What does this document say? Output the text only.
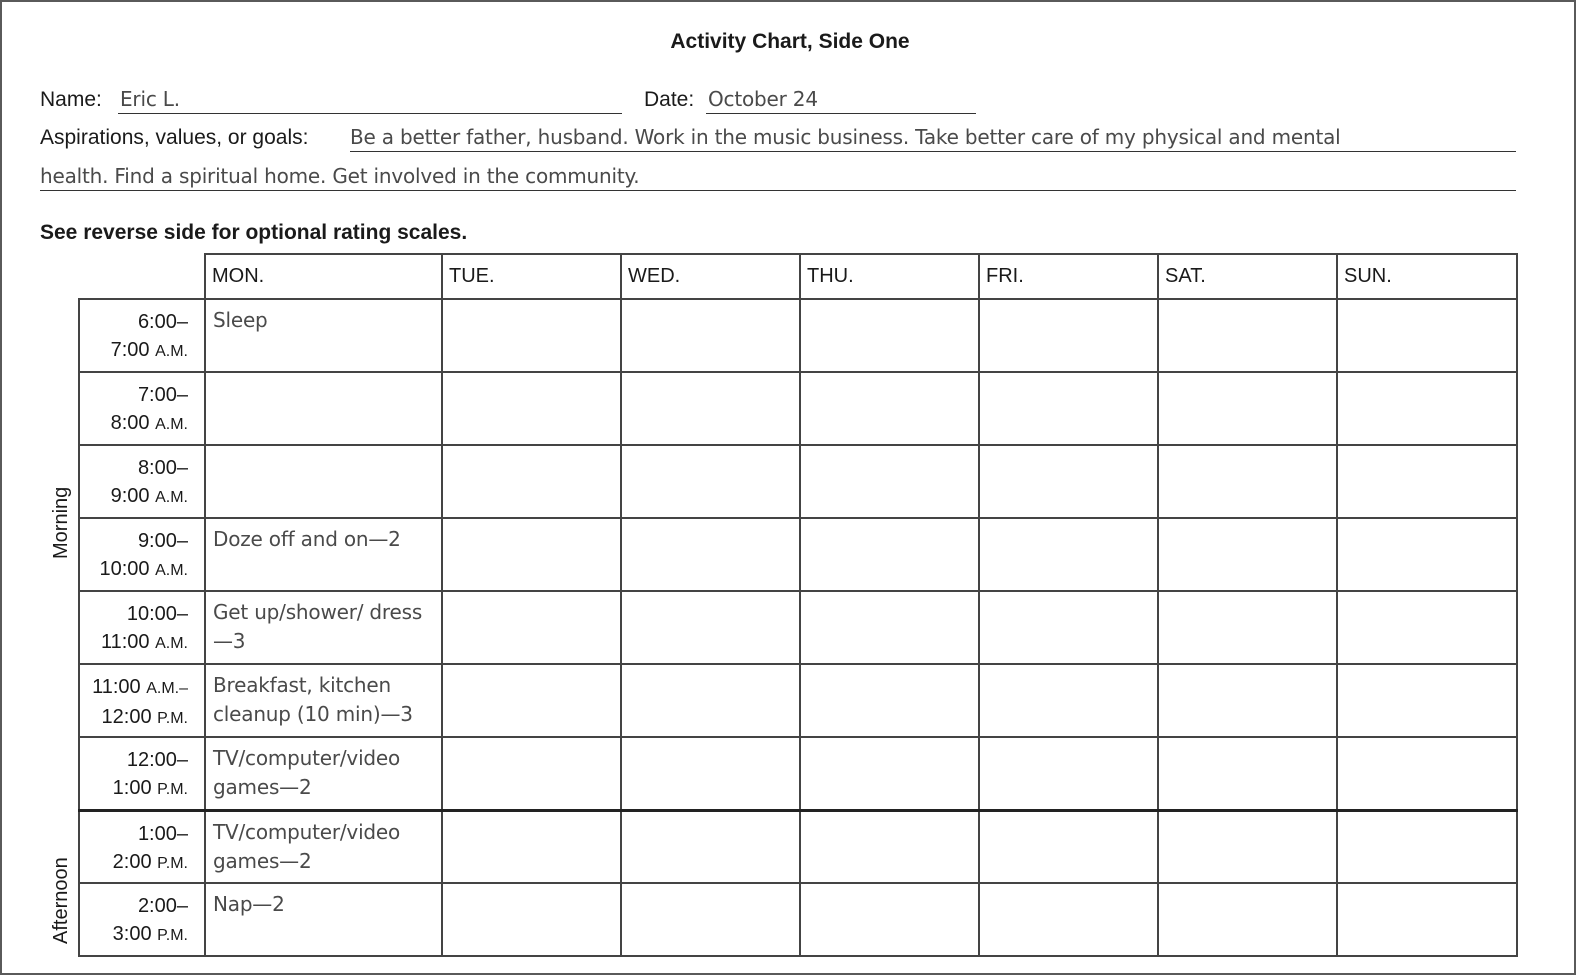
Activity Chart, Side One
Name: Eric L.	Date: October 24
Aspirations, values, or goals: Be a better father, husband. Work in the music business. Take better care of my physical and mental
health. Find a spiritual home. Get involved in the community.
See reverse side for optional rating scales.
Morning
Afternoon
	MON.	TUE.	WED.	THU.	FRI.	SAT.	SUN.

6:00–
7:00 A.M.	Sleep						

7:00–
8:00 A.M.							

8:00–
9:00 A.M.							

9:00–
10:00 A.M.	Doze off and on—2						

10:00–
11:00 A.M.	Get up/shower/ dress—3						

11:00 A.M.–
12:00 P.M.	Breakfast, kitchen cleanup (10 min)—3						

12:00–
1:00 P.M.	TV/computer/video games—2						

1:00–
2:00 P.M.	TV/computer/video games—2						

2:00–
3:00 P.M.	Nap—2						
